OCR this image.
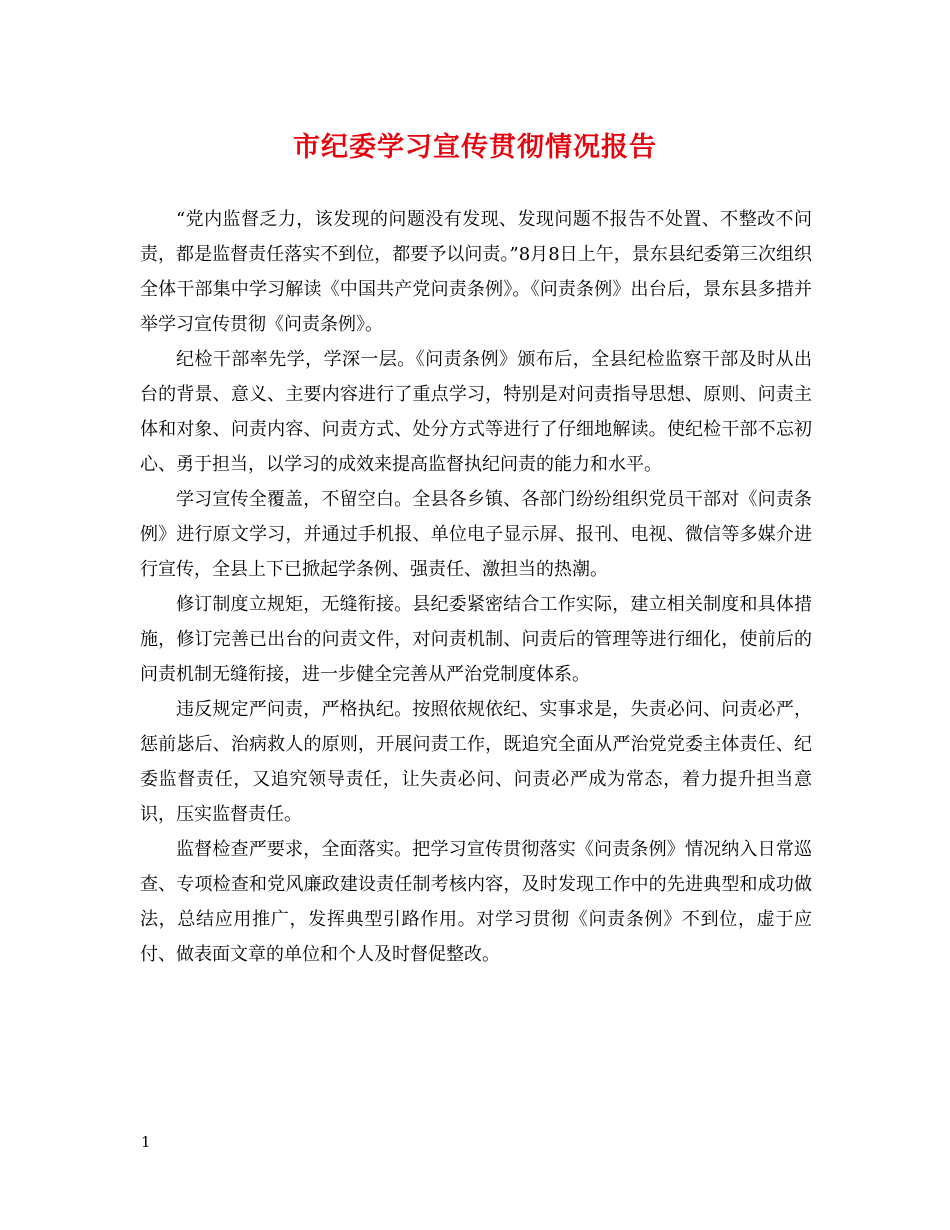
市纪委学习宣传贯彻情况报告

“党内监督乏力，该发现的问题没有发现、发现问题不报告不处置、不整改不问责，都是监督责任落实不到位，都要予以问责。”8月8日上午，景东县纪委第三次组织全体干部集中学习解读《中国共产党问责条例》。《问责条例》出台后，景东县多措并举学习宣传贯彻《问责条例》。

纪检干部率先学，学深一层。《问责条例》颁布后，全县纪检监察干部及时从出台的背景、意义、主要内容进行了重点学习，特别是对问责指导思想、原则、问责主体和对象、问责内容、问责方式、处分方式等进行了仔细地解读。使纪检干部不忘初心、勇于担当，以学习的成效来提高监督执纪问责的能力和水平。

学习宣传全覆盖，不留空白。全县各乡镇、各部门纷纷组织党员干部对《问责条例》进行原文学习，并通过手机报、单位电子显示屏、报刊、电视、微信等多媒介进行宣传，全县上下已掀起学条例、强责任、激担当的热潮。

修订制度立规矩，无缝衔接。县纪委紧密结合工作实际，建立相关制度和具体措施，修订完善已出台的问责文件，对问责机制、问责后的管理等进行细化，使前后的问责机制无缝衔接，进一步健全完善从严治党制度体系。

违反规定严问责，严格执纪。按照依规依纪、实事求是，失责必问、问责必严，惩前毖后、治病救人的原则，开展问责工作，既追究全面从严治党党委主体责任、纪委监督责任，又追究领导责任，让失责必问、问责必严成为常态，着力提升担当意识，压实监督责任。

监督检查严要求，全面落实。把学习宣传贯彻落实《问责条例》情况纳入日常巡查、专项检查和党风廉政建设责任制考核内容，及时发现工作中的先进典型和成功做法，总结应用推广，发挥典型引路作用。对学习贯彻《问责条例》不到位，虚于应付、做表面文章的单位和个人及时督促整改。

1
